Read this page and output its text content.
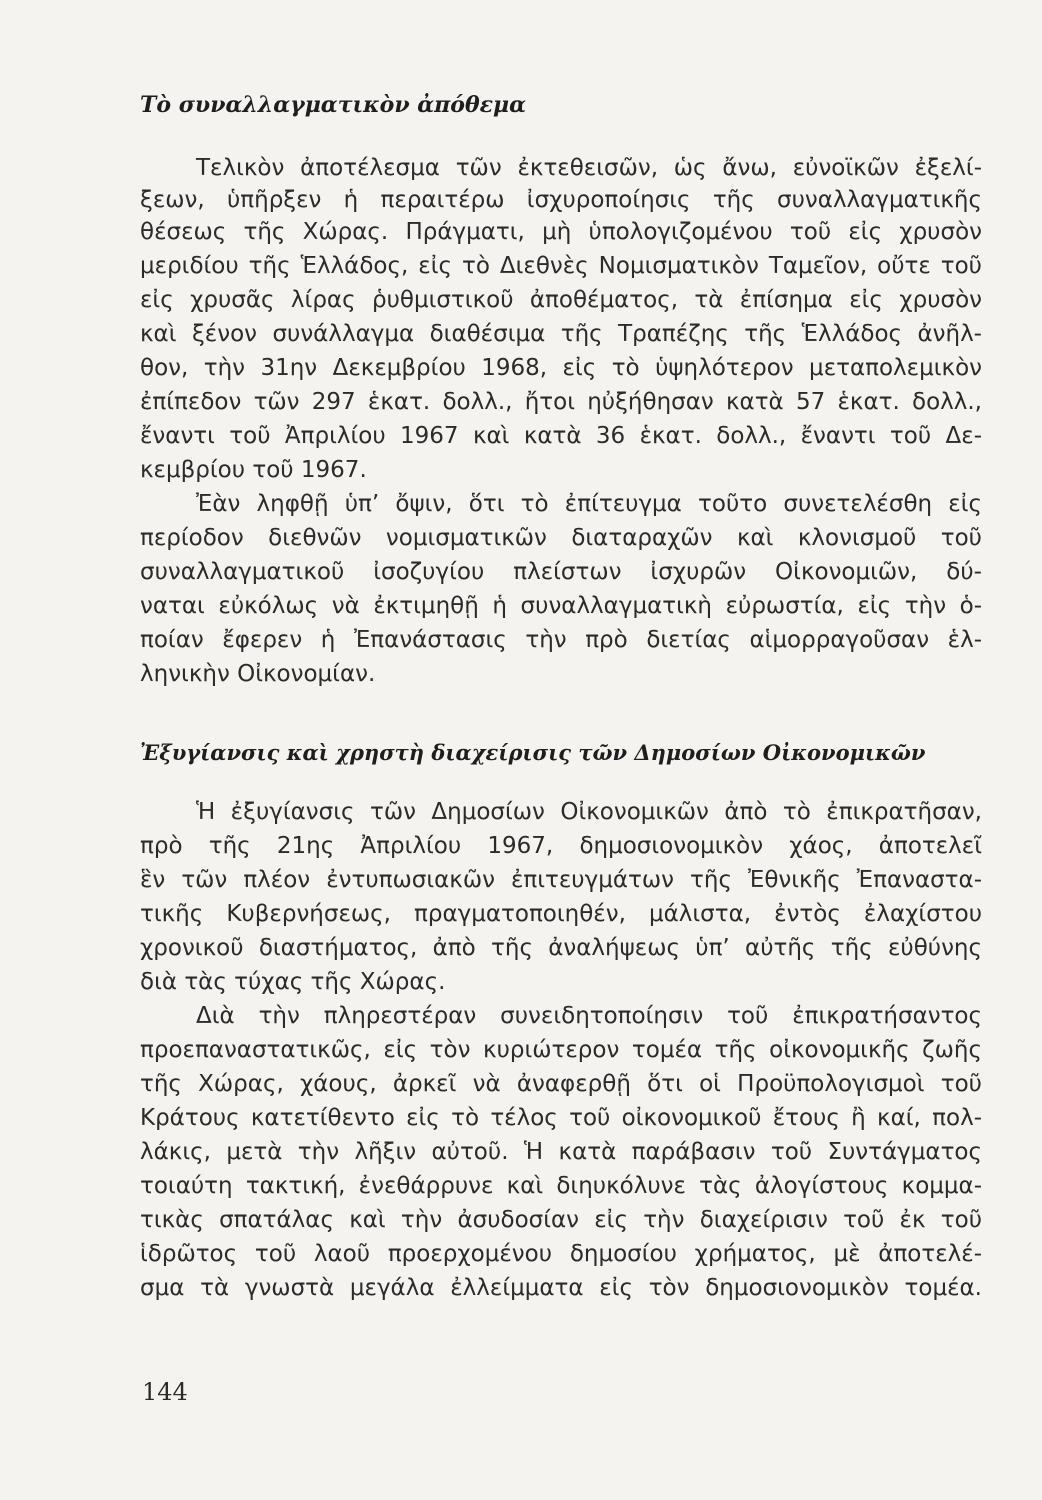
Τὸ συναλλαγματικὸν ἀπόθεμα
Τελικὸν ἀποτέλεσμα τῶν ἐκτεθεισῶν, ὡς ἄνω, εὐνοϊκῶν ἐξελί-
ξεων, ὑπῆρξεν ἡ περαιτέρω ἰσχυροποίησις τῆς συναλλαγματικῆς
θέσεως τῆς Χώρας. Πράγματι, μὴ ὑπολογιζομένου τοῦ εἰς χρυσὸν
μεριδίου τῆς Ἑλλάδος, εἰς τὸ Διεθνὲς Νομισματικὸν Ταμεῖον, οὔτε τοῦ
εἰς χρυσᾶς λίρας ῥυθμιστικοῦ ἀποθέματος, τὰ ἐπίσημα εἰς χρυσὸν
καὶ ξένον συνάλλαγμα διαθέσιμα τῆς Τραπέζης τῆς Ἑλλάδος ἀνῆλ-
θον, τὴν 31ην Δεκεμβρίου 1968, εἰς τὸ ὑψηλότερον μεταπολεμικὸν
ἐπίπεδον τῶν 297 ἑκατ. δολλ., ἤτοι ηὐξήθησαν κατὰ 57 ἑκατ. δολλ.,
ἔναντι τοῦ Ἀπριλίου 1967 καὶ κατὰ 36 ἑκατ. δολλ., ἔναντι τοῦ Δε-
κεμβρίου τοῦ 1967.
Ἐὰν ληφθῇ ὑπ’ ὄψιν, ὅτι τὸ ἐπίτευγμα τοῦτο συνετελέσθη εἰς
περίοδον διεθνῶν νομισματικῶν διαταραχῶν καὶ κλονισμοῦ τοῦ
συναλλαγματικοῦ ἰσοζυγίου πλείστων ἰσχυρῶν Οἰκονομιῶν, δύ-
ναται εὐκόλως νὰ ἐκτιμηθῇ ἡ συναλλαγματικὴ εὐρωστία, εἰς τὴν ὁ-
ποίαν ἔφερεν ἡ Ἐπανάστασις τὴν πρὸ διετίας αἱμορραγοῦσαν ἑλ-
ληνικὴν Οἰκονομίαν.
Ἐξυγίανσις καὶ χρηστὴ διαχείρισις τῶν Δημοσίων Οἰκονομικῶν
Ἡ ἐξυγίανσις τῶν Δημοσίων Οἰκονομικῶν ἀπὸ τὸ ἐπικρατῆσαν,
πρὸ τῆς 21ης Ἀπριλίου 1967, δημοσιονομικὸν χάος, ἀποτελεῖ
ἓν τῶν πλέον ἐντυπωσιακῶν ἐπιτευγμάτων τῆς Ἐθνικῆς Ἐπαναστα-
τικῆς Κυβερνήσεως, πραγματοποιηθέν, μάλιστα, ἐντὸς ἐλαχίστου
χρονικοῦ διαστήματος, ἀπὸ τῆς ἀναλήψεως ὑπ’ αὐτῆς τῆς εὐθύνης
διὰ τὰς τύχας τῆς Χώρας.
Διὰ τὴν πληρεστέραν συνειδητοποίησιν τοῦ ἐπικρατήσαντος
προεπαναστατικῶς, εἰς τὸν κυριώτερον τομέα τῆς οἰκονομικῆς ζωῆς
τῆς Χώρας, χάους, ἀρκεῖ νὰ ἀναφερθῇ ὅτι οἱ Προϋπολογισμοὶ τοῦ
Κράτους κατετίθεντο εἰς τὸ τέλος τοῦ οἰκονομικοῦ ἔτους ἢ καί, πολ-
λάκις, μετὰ τὴν λῆξιν αὐτοῦ. Ἡ κατὰ παράβασιν τοῦ Συντάγματος
τοιαύτη τακτική, ἐνεθάρρυνε καὶ διηυκόλυνε τὰς ἀλογίστους κομμα-
τικὰς σπατάλας καὶ τὴν ἀσυδοσίαν εἰς τὴν διαχείρισιν τοῦ ἐκ τοῦ
ἱδρῶτος τοῦ λαοῦ προερχομένου δημοσίου χρήματος, μὲ ἀποτελέ-
σμα τὰ γνωστὰ μεγάλα ἐλλείμματα εἰς τὸν δημοσιονομικὸν τομέα.
144
